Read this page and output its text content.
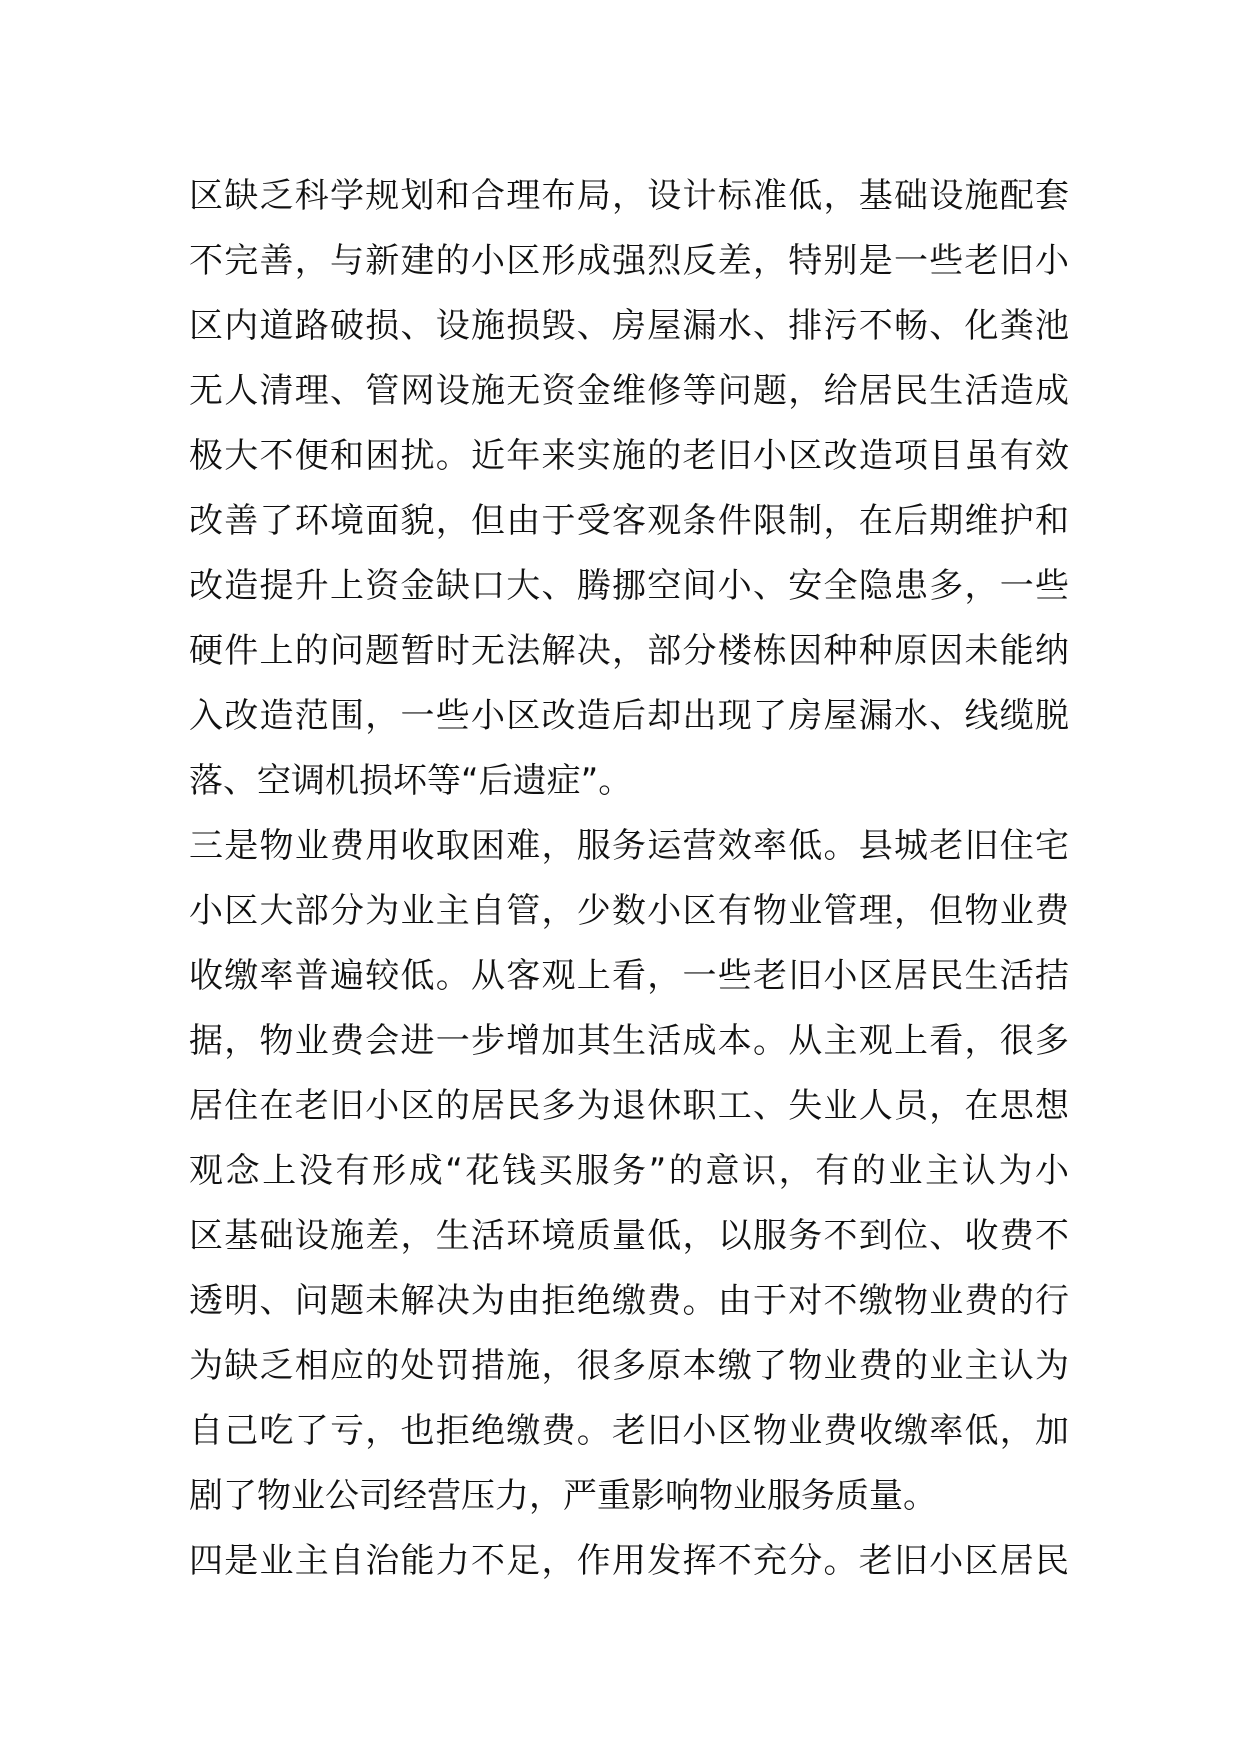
区缺乏科学规划和合理布局，设计标准低，基础设施配套
不完善，与新建的小区形成强烈反差，特别是一些老旧小
区内道路破损、设施损毁、房屋漏水、排污不畅、化粪池
无人清理、管网设施无资金维修等问题，给居民生活造成
极大不便和困扰。近年来实施的老旧小区改造项目虽有效
改善了环境面貌，但由于受客观条件限制，在后期维护和
改造提升上资金缺口大、腾挪空间小、安全隐患多，一些
硬件上的问题暂时无法解决，部分楼栋因种种原因未能纳
入改造范围，一些小区改造后却出现了房屋漏水、线缆脱
落、空调机损坏等“后遗症”。
三是物业费用收取困难，服务运营效率低。县城老旧住宅
小区大部分为业主自管，少数小区有物业管理，但物业费
收缴率普遍较低。从客观上看，一些老旧小区居民生活拮
据，物业费会进一步增加其生活成本。从主观上看，很多
居住在老旧小区的居民多为退休职工、失业人员，在思想
观念上没有形成“花钱买服务”的意识，有的业主认为小
区基础设施差，生活环境质量低，以服务不到位、收费不
透明、问题未解决为由拒绝缴费。由于对不缴物业费的行
为缺乏相应的处罚措施，很多原本缴了物业费的业主认为
自己吃了亏，也拒绝缴费。老旧小区物业费收缴率低，加
剧了物业公司经营压力，严重影响物业服务质量。
四是业主自治能力不足，作用发挥不充分。老旧小区居民
